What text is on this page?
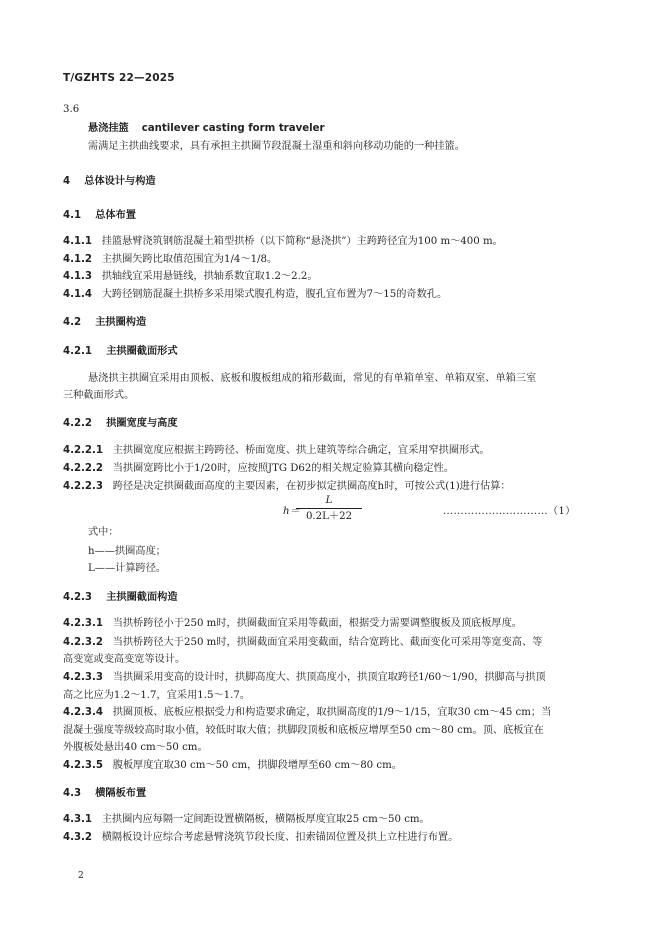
T/GZHTS 22—2025
3.6
悬浇挂篮 cantilever casting form traveler
需满足主拱曲线要求，具有承担主拱圈节段混凝土湿重和斜向移动功能的一种挂篮。
4 总体设计与构造
4.1 总体布置
4.1.1 挂篮悬臂浇筑钢筋混凝土箱型拱桥（以下简称“悬浇拱”）主跨跨径宜为100 m～400 m。
4.1.2 主拱圈矢跨比取值范围宜为1/4～1/8。
4.1.3 拱轴线宜采用悬链线，拱轴系数宜取1.2～2.2。
4.1.4 大跨径钢筋混凝土拱桥多采用梁式腹孔构造，腹孔宜布置为7～15的奇数孔。
4.2 主拱圈构造
4.2.1 主拱圈截面形式
悬浇拱主拱圈宜采用由顶板、底板和腹板组成的箱形截面，常见的有单箱单室、单箱双室、单箱三室
三种截面形式。
4.2.2 拱圈宽度与高度
4.2.2.1 主拱圈宽度应根据主跨跨径、桥面宽度、拱上建筑等综合确定，宜采用窄拱圈形式。
4.2.2.2 当拱圈宽跨比小于1/20时，应按照JTG D62的相关规定验算其横向稳定性。
4.2.2.3 跨径是决定拱圈截面高度的主要因素，在初步拟定拱圈高度h时，可按公式(1)进行估算：
h＝
L
0.2L＋22	…………………………（1）
式中：
h——拱圈高度；
L——计算跨径。
4.2.3 主拱圈截面构造
4.2.3.1 当拱桥跨径小于250 m时，拱圈截面宜采用等截面，根据受力需要调整腹板及顶底板厚度。
4.2.3.2 当拱桥跨径大于250 m时，拱圈截面宜采用变截面，结合宽跨比、截面变化可采用等宽变高、等
高变宽或变高变宽等设计。
4.2.3.3 当拱圈采用变高的设计时，拱脚高度大、拱顶高度小，拱顶宜取跨径1/60～1/90，拱脚高与拱顶
高之比应为1.2～1.7，宜采用1.5～1.7。
4.2.3.4 拱圈顶板、底板应根据受力和构造要求确定，取拱圈高度的1/9～1/15，宜取30 cm～45 cm；当
混凝土强度等级较高时取小值，较低时取大值；拱脚段顶板和底板应增厚至50 cm～80 cm。顶、底板宜在
外腹板处悬出40 cm～50 cm。
4.2.3.5 腹板厚度宜取30 cm～50 cm，拱脚段增厚至60 cm～80 cm。
4.3 横隔板布置
4.3.1 主拱圈内应每隔一定间距设置横隔板，横隔板厚度宜取25 cm～50 cm。
4.3.2 横隔板设计应综合考虑悬臂浇筑节段长度、扣索锚固位置及拱上立柱进行布置。
2
